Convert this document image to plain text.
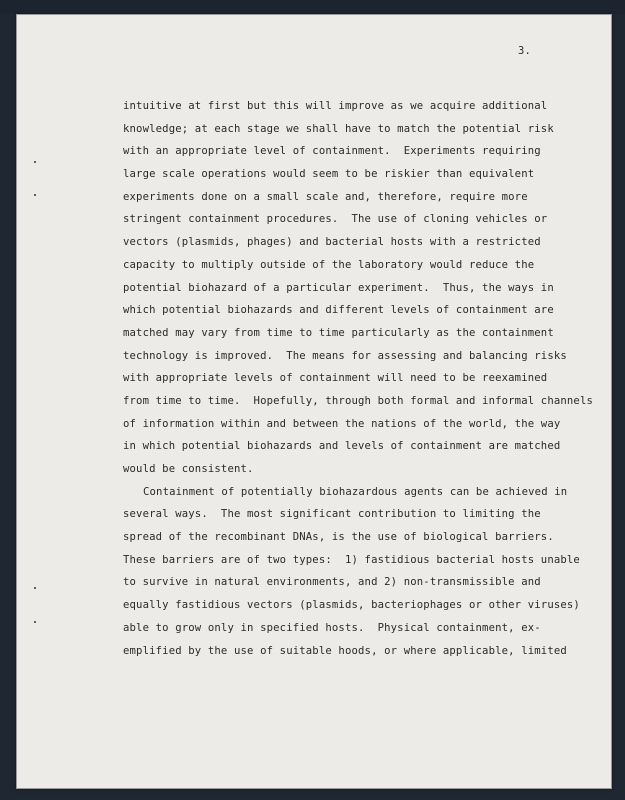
3.
intuitive at first but this will improve as we acquire additional
knowledge; at each stage we shall have to match the potential risk
with an appropriate level of containment.  Experiments requiring
large scale operations would seem to be riskier than equivalent
experiments done on a small scale and, therefore, require more
stringent containment procedures.  The use of cloning vehicles or
vectors (plasmids, phages) and bacterial hosts with a restricted
capacity to multiply outside of the laboratory would reduce the
potential biohazard of a particular experiment.  Thus, the ways in
which potential biohazards and different levels of containment are
matched may vary from time to time particularly as the containment
technology is improved.  The means for assessing and balancing risks
with appropriate levels of containment will need to be reexamined
from time to time.  Hopefully, through both formal and informal channels
of information within and between the nations of the world, the way
in which potential biohazards and levels of containment are matched
would be consistent.
Containment of potentially biohazardous agents can be achieved in
several ways.  The most significant contribution to limiting the
spread of the recombinant DNAs, is the use of biological barriers.
These barriers are of two types:  1) fastidious bacterial hosts unable
to survive in natural environments, and 2) non-transmissible and
equally fastidious vectors (plasmids, bacteriophages or other viruses)
able to grow only in specified hosts.  Physical containment, ex-
emplified by the use of suitable hoods, or where applicable, limited
